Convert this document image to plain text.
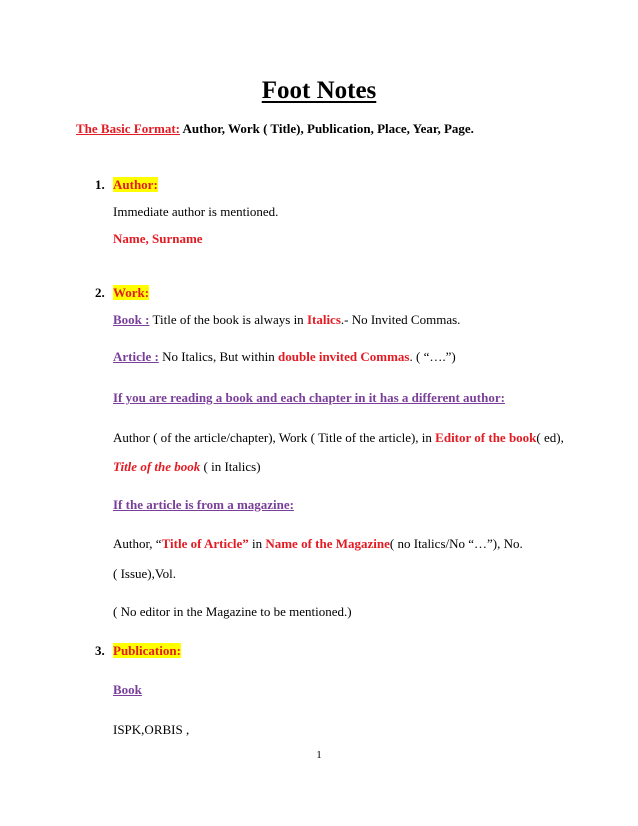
Foot Notes
The Basic Format: Author, Work ( Title), Publication, Place, Year, Page.
1. Author:
Immediate author is mentioned.
Name, Surname
2. Work:
Book : Title of the book is always in Italics.- No Invited Commas.
Article : No Italics, But within double invited Commas. ( “….”)
If you are reading a book and each chapter in it has a different author:
Author ( of the article/chapter), Work ( Title of the article), in Editor of the book( ed),
Title of the book ( in Italics)
If the article is from a magazine:
Author, “Title of Article” in Name of the Magazine( no Italics/No “…”), No.
( Issue),Vol.
( No editor in the Magazine to be mentioned.)
3. Publication:
Book
ISPK,ORBIS ,
1
